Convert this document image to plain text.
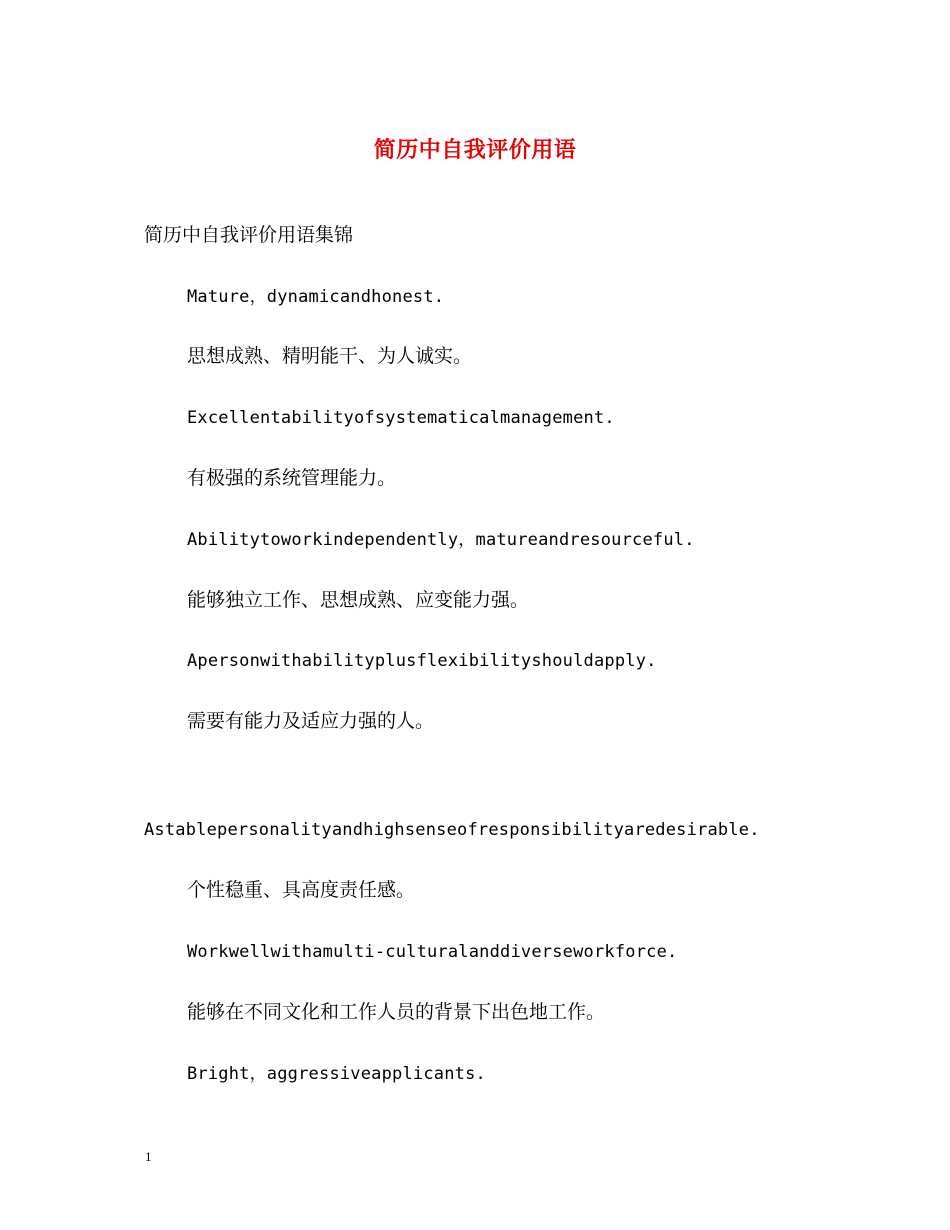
简历中自我评价用语
简历中自我评价用语集锦
Mature，dynamicandhonest.
思想成熟、精明能干、为人诚实。
Excellentabilityofsystematicalmanagement.
有极强的系统管理能力。
Abilitytoworkindependently，matureandresourceful.
能够独立工作、思想成熟、应变能力强。
Apersonwithabilityplusflexibilityshouldapply.
需要有能力及适应力强的人。
Astablepersonalityandhighsenseofresponsibilityaredesirable.
个性稳重、具高度责任感。
Workwellwithamulti-culturalanddiverseworkforce.
能够在不同文化和工作人员的背景下出色地工作。
Bright，aggressiveapplicants.
1
